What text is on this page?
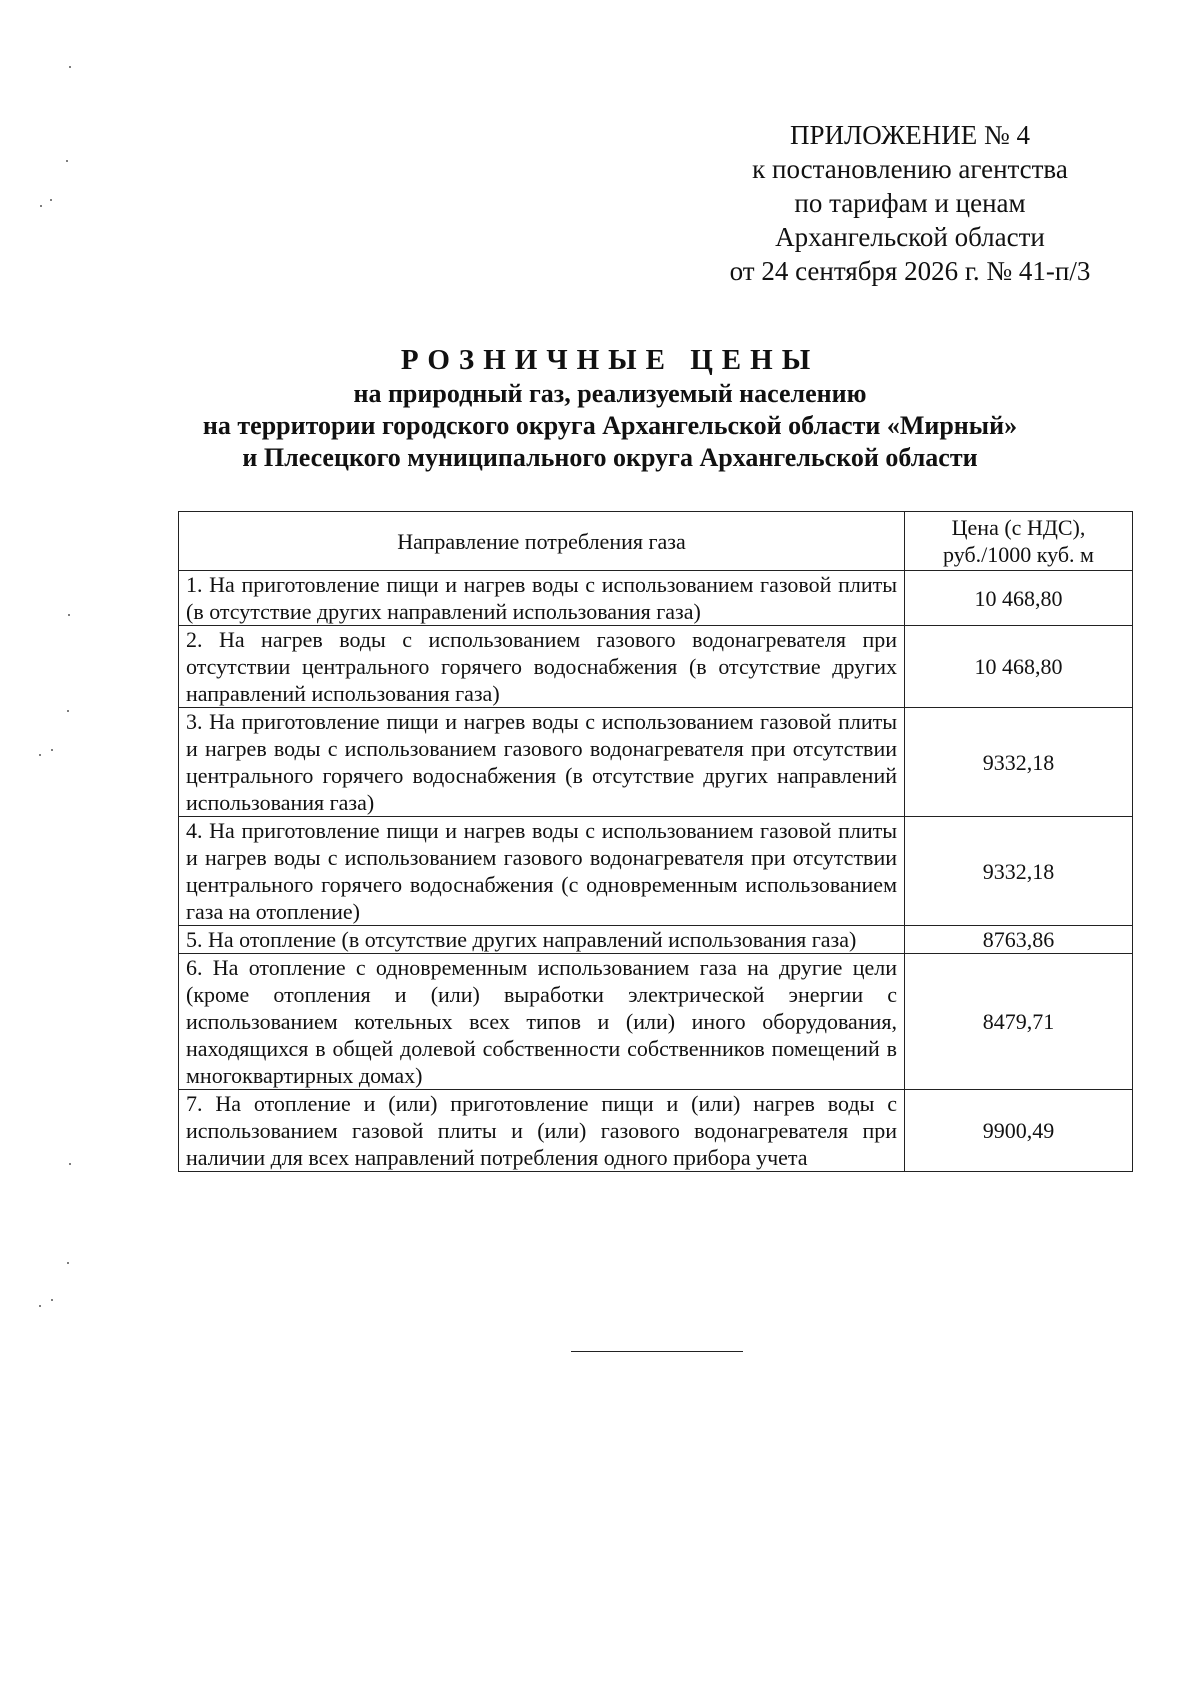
ПРИЛОЖЕНИЕ № 4
к постановлению агентства
по тарифам и ценам
Архангельской области
от 24 сентября 2026 г. № 41-п/3
РОЗНИЧНЫЕ ЦЕНЫ
на природный газ, реализуемый населению
на территории городского округа Архангельской области «Мирный»
и Плесецкого муниципального округа Архангельской области
Направление потребления газа	Цена (с НДС), руб./1000 куб. м
1. На приготовление пищи и нагрев воды с использованием газовой плиты (в отсутствие других направлений использования газа)	10 468,80
2. На нагрев воды с использованием газового водонагревателя при отсутствии центрального горячего водоснабжения (в отсутствие других направлений использования газа)	10 468,80
3. На приготовление пищи и нагрев воды с использованием газовой плиты и нагрев воды с использованием газового водонагревателя при отсутствии центрального горячего водоснабжения (в отсутствие других направлений использования газа)	9332,18
4. На приготовление пищи и нагрев воды с использованием газовой плиты и нагрев воды с использованием газового водонагревателя при отсутствии центрального горячего водоснабжения (с одновременным использованием газа на отопление)	9332,18
5. На отопление (в отсутствие других направлений использования газа)	8763,86
6. На отопление с одновременным использованием газа на другие цели (кроме отопления и (или) выработки электрической энергии с использованием котельных всех типов и (или) иного оборудования, находящихся в общей долевой собственности собственников помещений в многоквартирных домах)	8479,71
7. На отопление и (или) приготовление пищи и (или) нагрев воды с использованием газовой плиты и (или) газового водонагревателя при наличии для всех направлений потребления одного прибора учета	9900,49
